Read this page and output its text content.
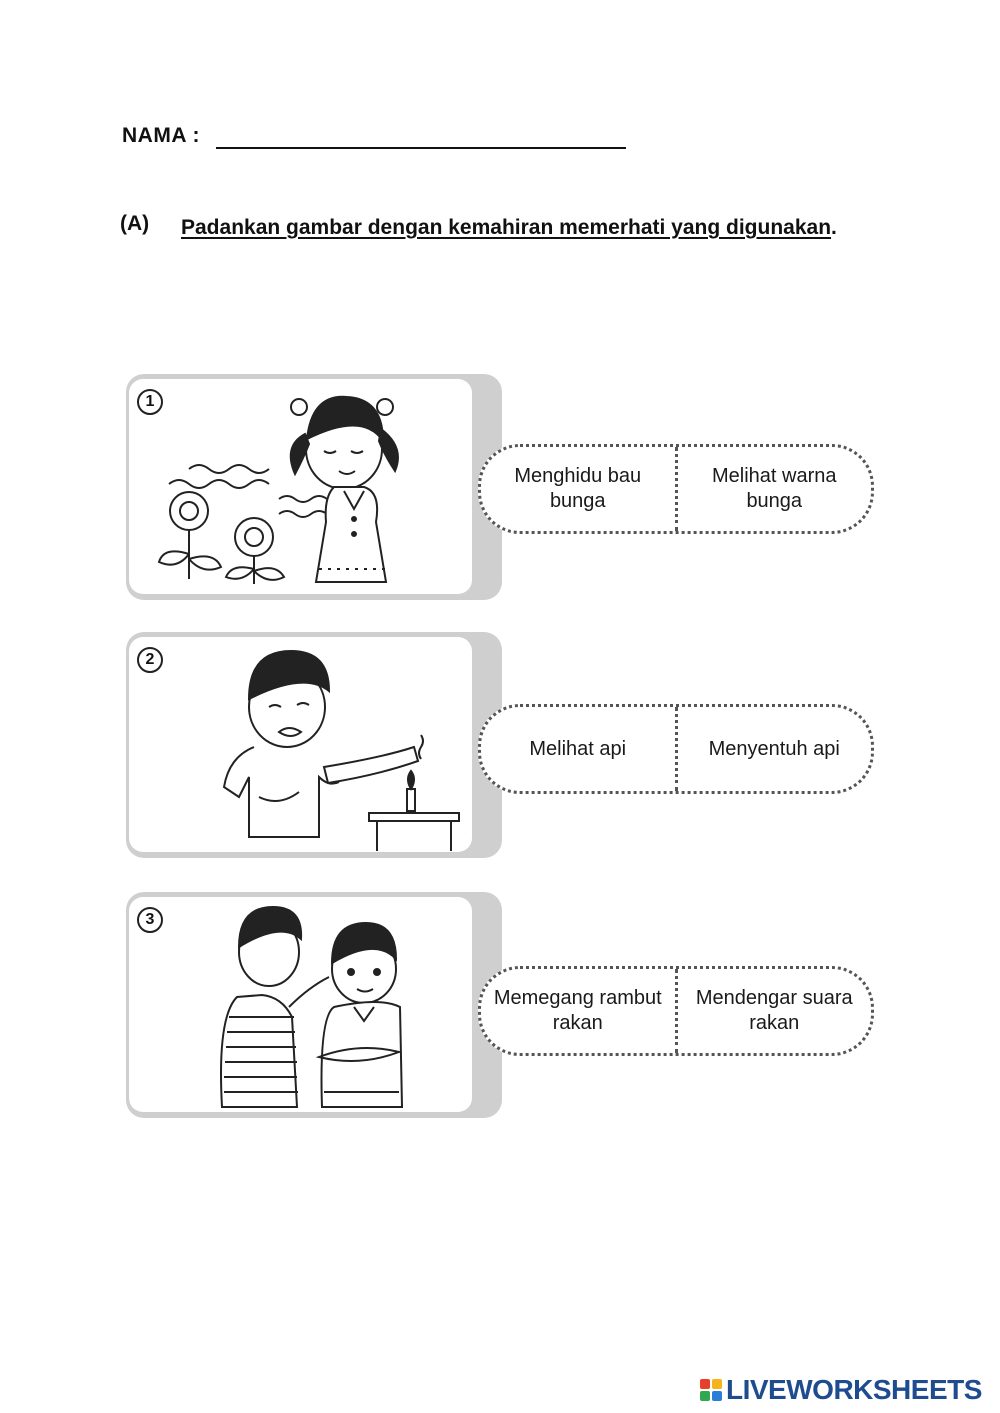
NAMA :
(A) Padankan gambar dengan kemahiran memerhati yang digunakan.
1
Menghidu bau bunga
Melihat warna bunga
2
Melihat api	Menyentuh api
3
Memegang rambut rakan
Mendengar suara rakan
LIVEWORKSHEETS
